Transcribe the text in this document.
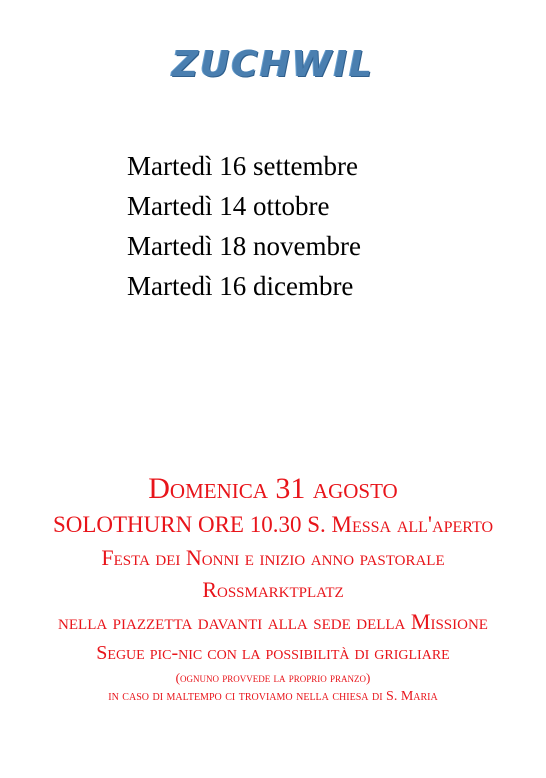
ZUCHWIL
Martedì 16 settembre
Martedì 14 ottobre
Martedì 18 novembre
Martedì 16 dicembre
Domenica 31 agosto
SOLOTHURN ORE 10.30 S. Messa all'aperto
Festa dei Nonni e inizio anno pastorale
Rossmarktplatz
nella piazzetta davanti alla sede della Missione
Segue pic-nic con la possibilità di grigliare
(ognuno provvede la proprio pranzo)
in caso di maltempo ci troviamo nella chiesa di S. Maria
